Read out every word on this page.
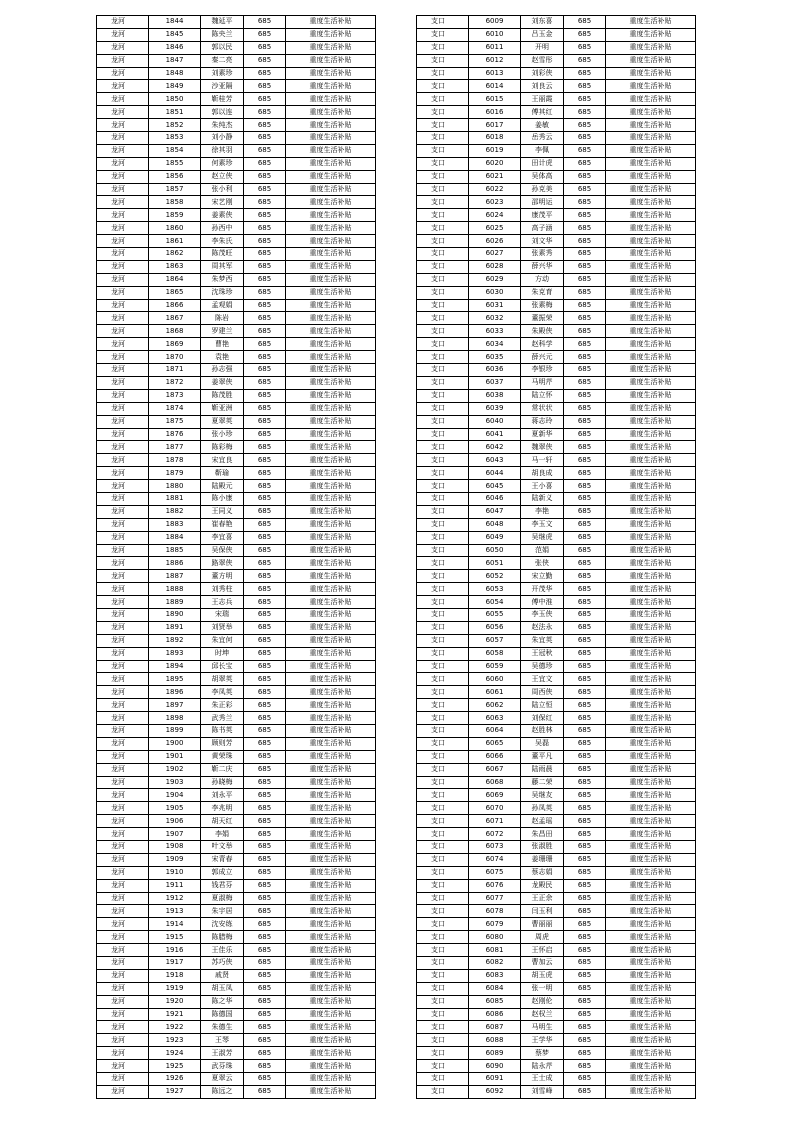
龙河	1844	魏延平	685	重度生活补贴
龙河	1845	陈央兰	685	重度生活补贴
龙河	1846	郭以民	685	重度生活补贴
龙河	1847	秦二亮	685	重度生活补贴
龙河	1848	刘素珍	685	重度生活补贴
龙河	1849	沙亚隔	685	重度生活补贴
龙河	1850	靳桂芳	685	重度生活补贴
龙河	1851	郭以连	685	重度生活补贴
龙河	1852	朱纯杰	685	重度生活补贴
龙河	1853	刘小静	685	重度生活补贴
龙河	1854	徐其羽	685	重度生活补贴
龙河	1855	何素珍	685	重度生活补贴
龙河	1856	赵立侠	685	重度生活补贴
龙河	1857	张小利	685	重度生活补贴
龙河	1858	宋艺刚	685	重度生活补贴
龙河	1859	姜素侠	685	重度生活补贴
龙河	1860	孙西中	685	重度生活补贴
龙河	1861	李朱氏	685	重度生活补贴
龙河	1862	陈茂旺	685	重度生活补贴
龙河	1863	周其军	685	重度生活补贴
龙河	1864	朱梦西	685	重度生活补贴
龙河	1865	沈珠珍	685	重度生活补贴
龙河	1866	孟观娟	685	重度生活补贴
龙河	1867	陈岩	685	重度生活补贴
龙河	1868	罗建兰	685	重度生活补贴
龙河	1869	曹艳	685	重度生活补贴
龙河	1870	袁艳	685	重度生活补贴
龙河	1871	孙志强	685	重度生活补贴
龙河	1872	姜翠侠	685	重度生活补贴
龙河	1873	陈茂胜	685	重度生活补贴
龙河	1874	靳亚洲	685	重度生活补贴
龙河	1875	夏翠英	685	重度生活补贴
龙河	1876	张小珍	685	重度生活补贴
龙河	1877	陈彩梅	685	重度生活补贴
龙河	1878	宋宜良	685	重度生活补贴
龙河	1879	靳瑜	685	重度生活补贴
龙河	1880	陆殿元	685	重度生活补贴
龙河	1881	陈小康	685	重度生活补贴
龙河	1882	王同义	685	重度生活补贴
龙河	1883	崔春艳	685	重度生活补贴
龙河	1884	李宜喜	685	重度生活补贴
龙河	1885	吴保侠	685	重度生活补贴
龙河	1886	路翠侠	685	重度生活补贴
龙河	1887	董方明	685	重度生活补贴
龙河	1888	刘秀柱	685	重度生活补贴
龙河	1889	王志兵	685	重度生活补贴
龙河	1890	宋瑞	685	重度生活补贴
龙河	1891	刘贤举	685	重度生活补贴
龙河	1892	朱宜何	685	重度生活补贴
龙河	1893	时坤	685	重度生活补贴
龙河	1894	邱长宝	685	重度生活补贴
龙河	1895	胡翠英	685	重度生活补贴
龙河	1896	李凤英	685	重度生活补贴
龙河	1897	朱正彩	685	重度生活补贴
龙河	1898	武秀兰	685	重度生活补贴
龙河	1899	陈书英	685	重度生活补贴
龙河	1900	顾则芳	685	重度生活补贴
龙河	1901	黄荣珠	685	重度生活补贴
龙河	1902	靳二庆	685	重度生活补贴
龙河	1903	孙晓梅	685	重度生活补贴
龙河	1904	刘永平	685	重度生活补贴
龙河	1905	李兆明	685	重度生活补贴
龙河	1906	胡天红	685	重度生活补贴
龙河	1907	李娟	685	重度生活补贴
龙河	1908	叶文举	685	重度生活补贴
龙河	1909	宋青春	685	重度生活补贴
龙河	1910	郭成立	685	重度生活补贴
龙河	1911	钱君芬	685	重度生活补贴
龙河	1912	夏淑梅	685	重度生活补贴
龙河	1913	朱宇居	685	重度生活补贴
龙河	1914	沈安练	685	重度生活补贴
龙河	1915	陈腊梅	685	重度生活补贴
龙河	1916	王佳乐	685	重度生活补贴
龙河	1917	苏巧侠	685	重度生活补贴
龙河	1918	戚贤	685	重度生活补贴
龙河	1919	胡玉凤	685	重度生活补贴
龙河	1920	陈之华	685	重度生活补贴
龙河	1921	陈德国	685	重度生活补贴
龙河	1922	朱德生	685	重度生活补贴
龙河	1923	王琴	685	重度生活补贴
龙河	1924	王淑芳	685	重度生活补贴
龙河	1925	武芬珠	685	重度生活补贴
龙河	1926	夏翠云	685	重度生活补贴
龙河	1927	陈远之	685	重度生活补贴
支口	6009	刘东喜	685	重度生活补贴
支口	6010	吕玉金	685	重度生活补贴
支口	6011	开明	685	重度生活补贴
支口	6012	赵雪彤	685	重度生活补贴
支口	6013	刘彩侠	685	重度生活补贴
支口	6014	刘良云	685	重度生活补贴
支口	6015	王丽霞	685	重度生活补贴
支口	6016	傅其红	685	重度生活补贴
支口	6017	姜敏	685	重度生活补贴
支口	6018	岳秀云	685	重度生活补贴
支口	6019	李佩	685	重度生活补贴
支口	6020	田计虎	685	重度生活补贴
支口	6021	吴体高	685	重度生活补贴
支口	6022	孙克美	685	重度生活补贴
支口	6023	邵明运	685	重度生活补贴
支口	6024	康茂平	685	重度生活补贴
支口	6025	高子涵	685	重度生活补贴
支口	6026	刘文华	685	重度生活补贴
支口	6027	张素秀	685	重度生活补贴
支口	6028	薛兴华	685	重度生活补贴
支口	6029	方动	685	重度生活补贴
支口	6030	朱克育	685	重度生活补贴
支口	6031	张素梅	685	重度生活补贴
支口	6032	董振荣	685	重度生活补贴
支口	6033	朱殿侠	685	重度生活补贴
支口	6034	赵科学	685	重度生活补贴
支口	6035	薛兴元	685	重度生活补贴
支口	6036	李银珍	685	重度生活补贴
支口	6037	马明芹	685	重度生活补贴
支口	6038	陆立怀	685	重度生活补贴
支口	6039	常状状	685	重度生活补贴
支口	6040	蒋志玲	685	重度生活补贴
支口	6041	夏新华	685	重度生活补贴
支口	6042	魏翠侠	685	重度生活补贴
支口	6043	马一轩	685	重度生活补贴
支口	6044	胡良成	685	重度生活补贴
支口	6045	王小喜	685	重度生活补贴
支口	6046	陆新义	685	重度生活补贴
支口	6047	李艳	685	重度生活补贴
支口	6048	李玉文	685	重度生活补贴
支口	6049	吴继虎	685	重度生活补贴
支口	6050	范娟	685	重度生活补贴
支口	6051	张侠	685	重度生活补贴
支口	6052	宋立勤	685	重度生活补贴
支口	6053	开茂华	685	重度生活补贴
支口	6054	傅中淮	685	重度生活补贴
支口	6055	李玉侠	685	重度生活补贴
支口	6056	赵法永	685	重度生活补贴
支口	6057	朱宜英	685	重度生活补贴
支口	6058	王冠秋	685	重度生活补贴
支口	6059	吴德珍	685	重度生活补贴
支口	6060	王宜文	685	重度生活补贴
支口	6061	周西侠	685	重度生活补贴
支口	6062	陆立恒	685	重度生活补贴
支口	6063	刘保红	685	重度生活补贴
支口	6064	赵胜林	685	重度生活补贴
支口	6065	吴磊	685	重度生活补贴
支口	6066	董平凡	685	重度生活补贴
支口	6067	陆雨晨	685	重度生活补贴
支口	6068	藤二荣	685	重度生活补贴
支口	6069	吴继友	685	重度生活补贴
支口	6070	孙凤英	685	重度生活补贴
支口	6071	赵孟瑶	685	重度生活补贴
支口	6072	朱昌田	685	重度生活补贴
支口	6073	张淑胜	685	重度生活补贴
支口	6074	姜珊珊	685	重度生活补贴
支口	6075	蔡志娟	685	重度生活补贴
支口	6076	龙殿民	685	重度生活补贴
支口	6077	王正余	685	重度生活补贴
支口	6078	闫玉利	685	重度生活补贴
支口	6079	曹丽丽	685	重度生活补贴
支口	6080	周虎	685	重度生活补贴
支口	6081	王怀启	685	重度生活补贴
支口	6082	曹加云	685	重度生活补贴
支口	6083	胡玉虎	685	重度生活补贴
支口	6084	张一明	685	重度生活补贴
支口	6085	赵刚伦	685	重度生活补贴
支口	6086	赵权兰	685	重度生活补贴
支口	6087	马明生	685	重度生活补贴
支口	6088	王学华	685	重度生活补贴
支口	6089	蔡梦	685	重度生活补贴
支口	6090	陆永芹	685	重度生活补贴
支口	6091	王士成	685	重度生活补贴
支口	6092	刘雪峰	685	重度生活补贴
